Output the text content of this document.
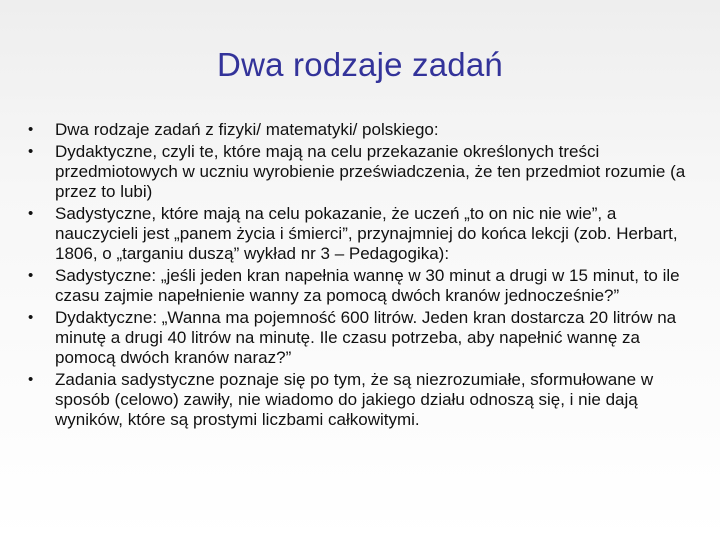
Dwa rodzaje zadań
•	Dwa rodzaje zadań z fizyki/ matematyki/ polskiego:
•	Dydaktyczne, czyli te, które mają na celu przekazanie określonych treści przedmiotowych w uczniu wyrobienie przeświadczenia, że ten przedmiot rozumie (a przez to lubi)
•	Sadystyczne, które mają na celu pokazanie, że uczeń „to on nic nie wie”, a nauczycieli jest „panem życia i śmierci”, przynajmniej do końca lekcji (zob. Herbart, 1806, o „targaniu duszą” wykład nr 3 – Pedagogika):
•	Sadystyczne: „jeśli jeden kran napełnia wannę w 30 minut a drugi w 15 minut, to ile czasu zajmie napełnienie wanny za pomocą dwóch kranów jednocześnie?”
•	Dydaktyczne: „Wanna ma pojemność 600 litrów. Jeden kran dostarcza 20 litrów na minutę a drugi 40 litrów na minutę. Ile czasu potrzeba, aby napełnić wannę za pomocą dwóch kranów naraz?”
•	Zadania sadystyczne poznaje się po tym, że są niezrozumiałe, sformułowane w sposób (celowo) zawiły, nie wiadomo do jakiego działu odnoszą się, i nie dają wyników, które są prostymi liczbami całkowitymi.
